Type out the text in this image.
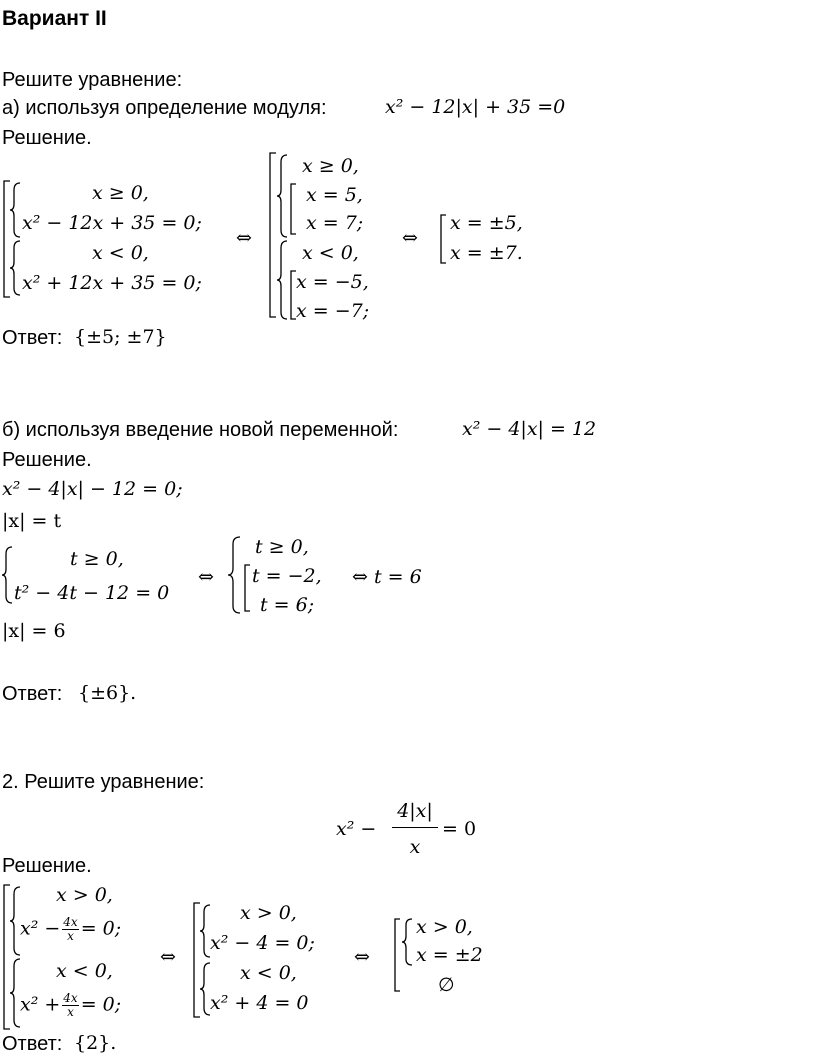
Вариант II
Решите уравнение:
а) используя определение модуля:	x² − 12|x| + 35 =0
Решение.
x ≥ 0,
x² − 12x + 35 = 0;
x < 0,
x² + 12x + 35 = 0;
⇔
x ≥ 0,
x = 5,
x = 7;
x < 0,
x = −5,
x = −7;
⇔
x = ±5,
x = ±7.
Ответ: {±5; ±7}
б) используя введение новой переменной:	x² − 4|x| = 12
Решение.
x² − 4|x| − 12 = 0;
|x| = t
t ≥ 0,
t² − 4t − 12 = 0
⇔
t ≥ 0,
t = −2,
t = 6;
⇔ t = 6
|x| = 6
Ответ: {±6}.
2. Решите уравнение:
x² −
4|x|
x
= 0
Решение.
x > 0,
$x^2 - \frac{4x}{x} = 0$;
x < 0,
$x^2 + \frac{4x}{x} = 0$;
⇔
x > 0,
x² − 4 = 0;
x < 0,
x² + 4 = 0
⇔
x > 0,
x = ±2
∅
Ответ: {2}.
